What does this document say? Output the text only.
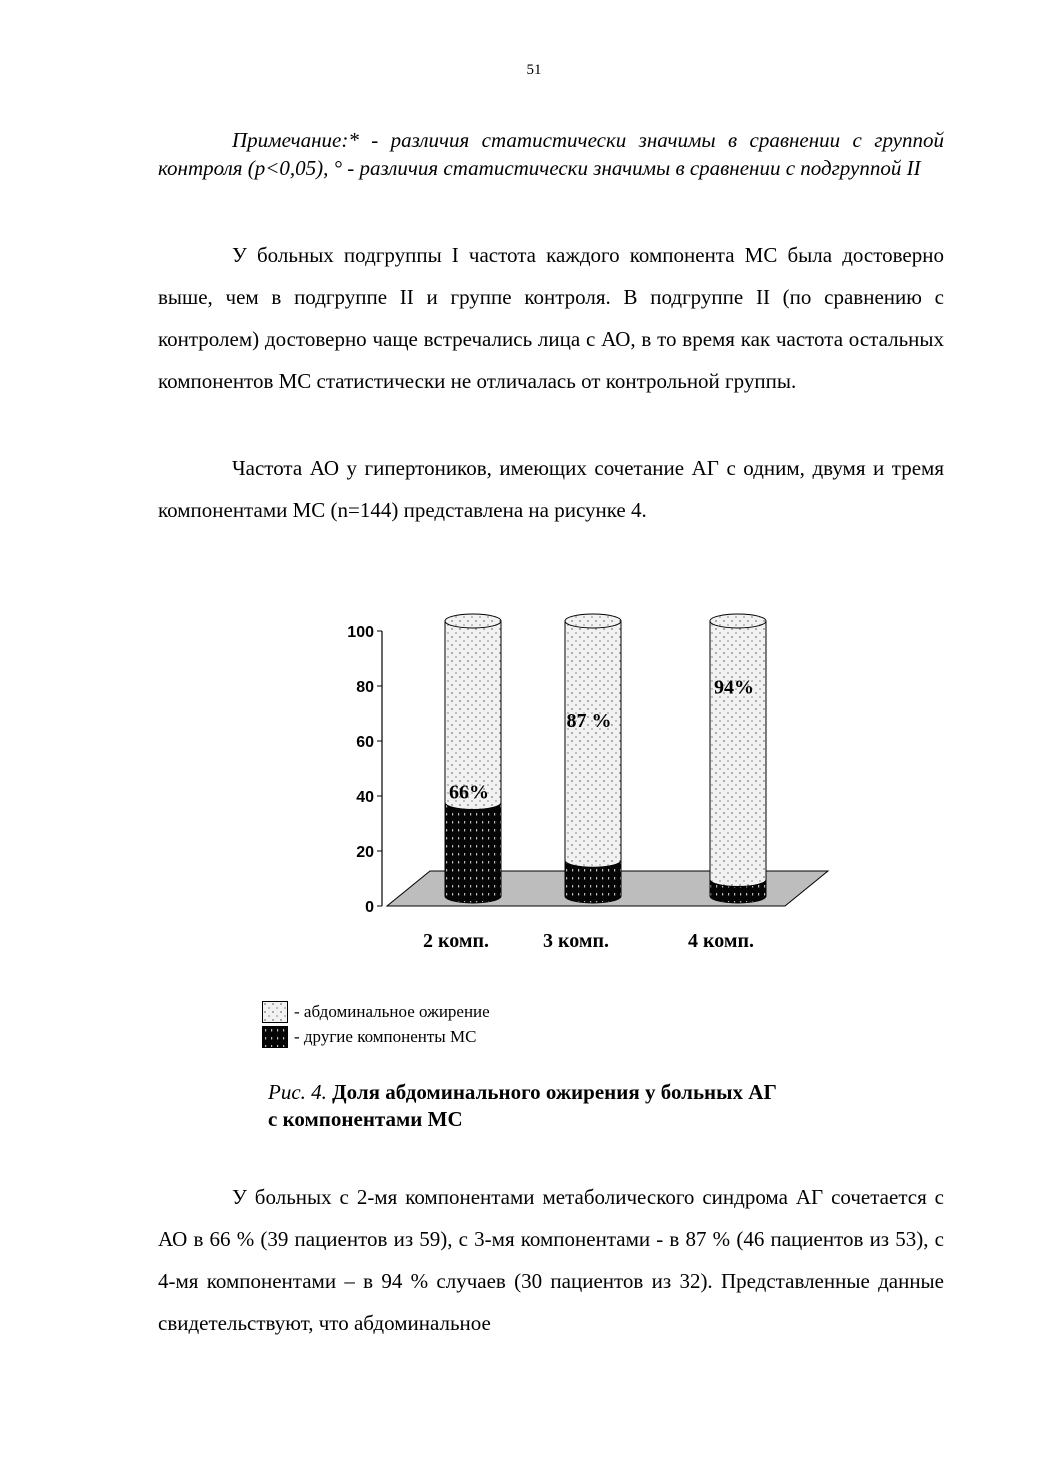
51

Примечание:* - различия статистически значимы в сравнении с группой контроля (р<0,05), ° - различия статистически значимы в сравнении с подгруппой II

У больных подгруппы I частота каждого компонента МС была достоверно выше, чем в подгруппе II и группе контроля. В подгруппе II (по сравнению с контролем) достоверно чаще встречались лица с АО, в то время как частота остальных компонентов МС статистически не отличалась от контрольной группы.

Частота АО у гипертоников, имеющих сочетание АГ с одним, двумя и тремя компонентами МС (n=144) представлена на рисунке 4.

0
20
40
60
80
100
66%
2 комп.
87 %
3 комп.
94%
4 комп.
- абдоминальное ожирение
- другие компоненты МС
Рис. 4. Доля абдоминального ожирения у больных АГ
с компонентами МС

У больных с 2-мя компонентами метаболического синдрома АГ сочетается с АО в 66 % (39 пациентов из 59), с 3-мя компонентами - в 87 % (46 пациентов из 53), с 4-мя компонентами – в 94 % случаев (30 пациентов из 32). Представленные данные свидетельствуют, что абдоминальное
